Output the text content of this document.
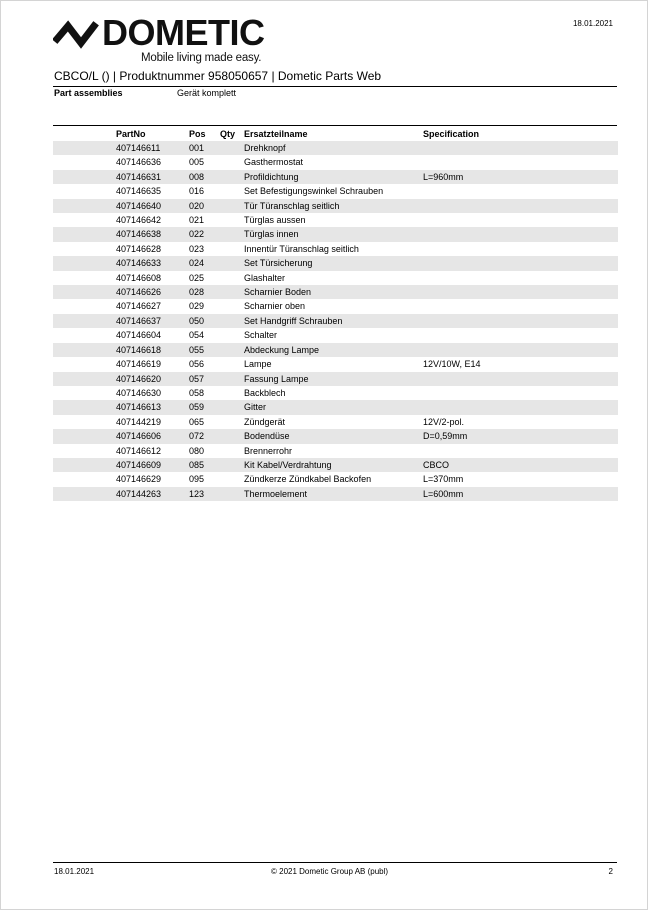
DOMETIC
Mobile living made easy.
18.01.2021
CBCO/L () | Produktnummer 958050657 | Dometic Parts Web
Part assemblies	Gerät komplett
	PartNo	Pos	Qty	Ersatzteilname	Specification
	407146611	001		Drehknopf	
	407146636	005		Gasthermostat	
	407146631	008		Profildichtung	L=960mm
	407146635	016		Set Befestigungswinkel Schrauben	
	407146640	020		Tür Türanschlag seitlich	
	407146642	021		Türglas aussen	
	407146638	022		Türglas innen	
	407146628	023		Innentür Türanschlag seitlich	
	407146633	024		Set Türsicherung	
	407146608	025		Glashalter	
	407146626	028		Scharnier Boden	
	407146627	029		Scharnier oben	
	407146637	050		Set Handgriff Schrauben	
	407146604	054		Schalter	
	407146618	055		Abdeckung Lampe	
	407146619	056		Lampe	12V/10W, E14
	407146620	057		Fassung Lampe	
	407146630	058		Backblech	
	407146613	059		Gitter	
	407144219	065		Zündgerät	12V/2-pol.
	407146606	072		Bodendüse	D=0,59mm
	407146612	080		Brennerrohr	
	407146609	085		Kit Kabel/Verdrahtung	CBCO
	407146629	095		Zündkerze Zündkabel Backofen	L=370mm
	407144263	123		Thermoelement	L=600mm
18.01.2021	© 2021 Dometic Group AB (publ)	2
